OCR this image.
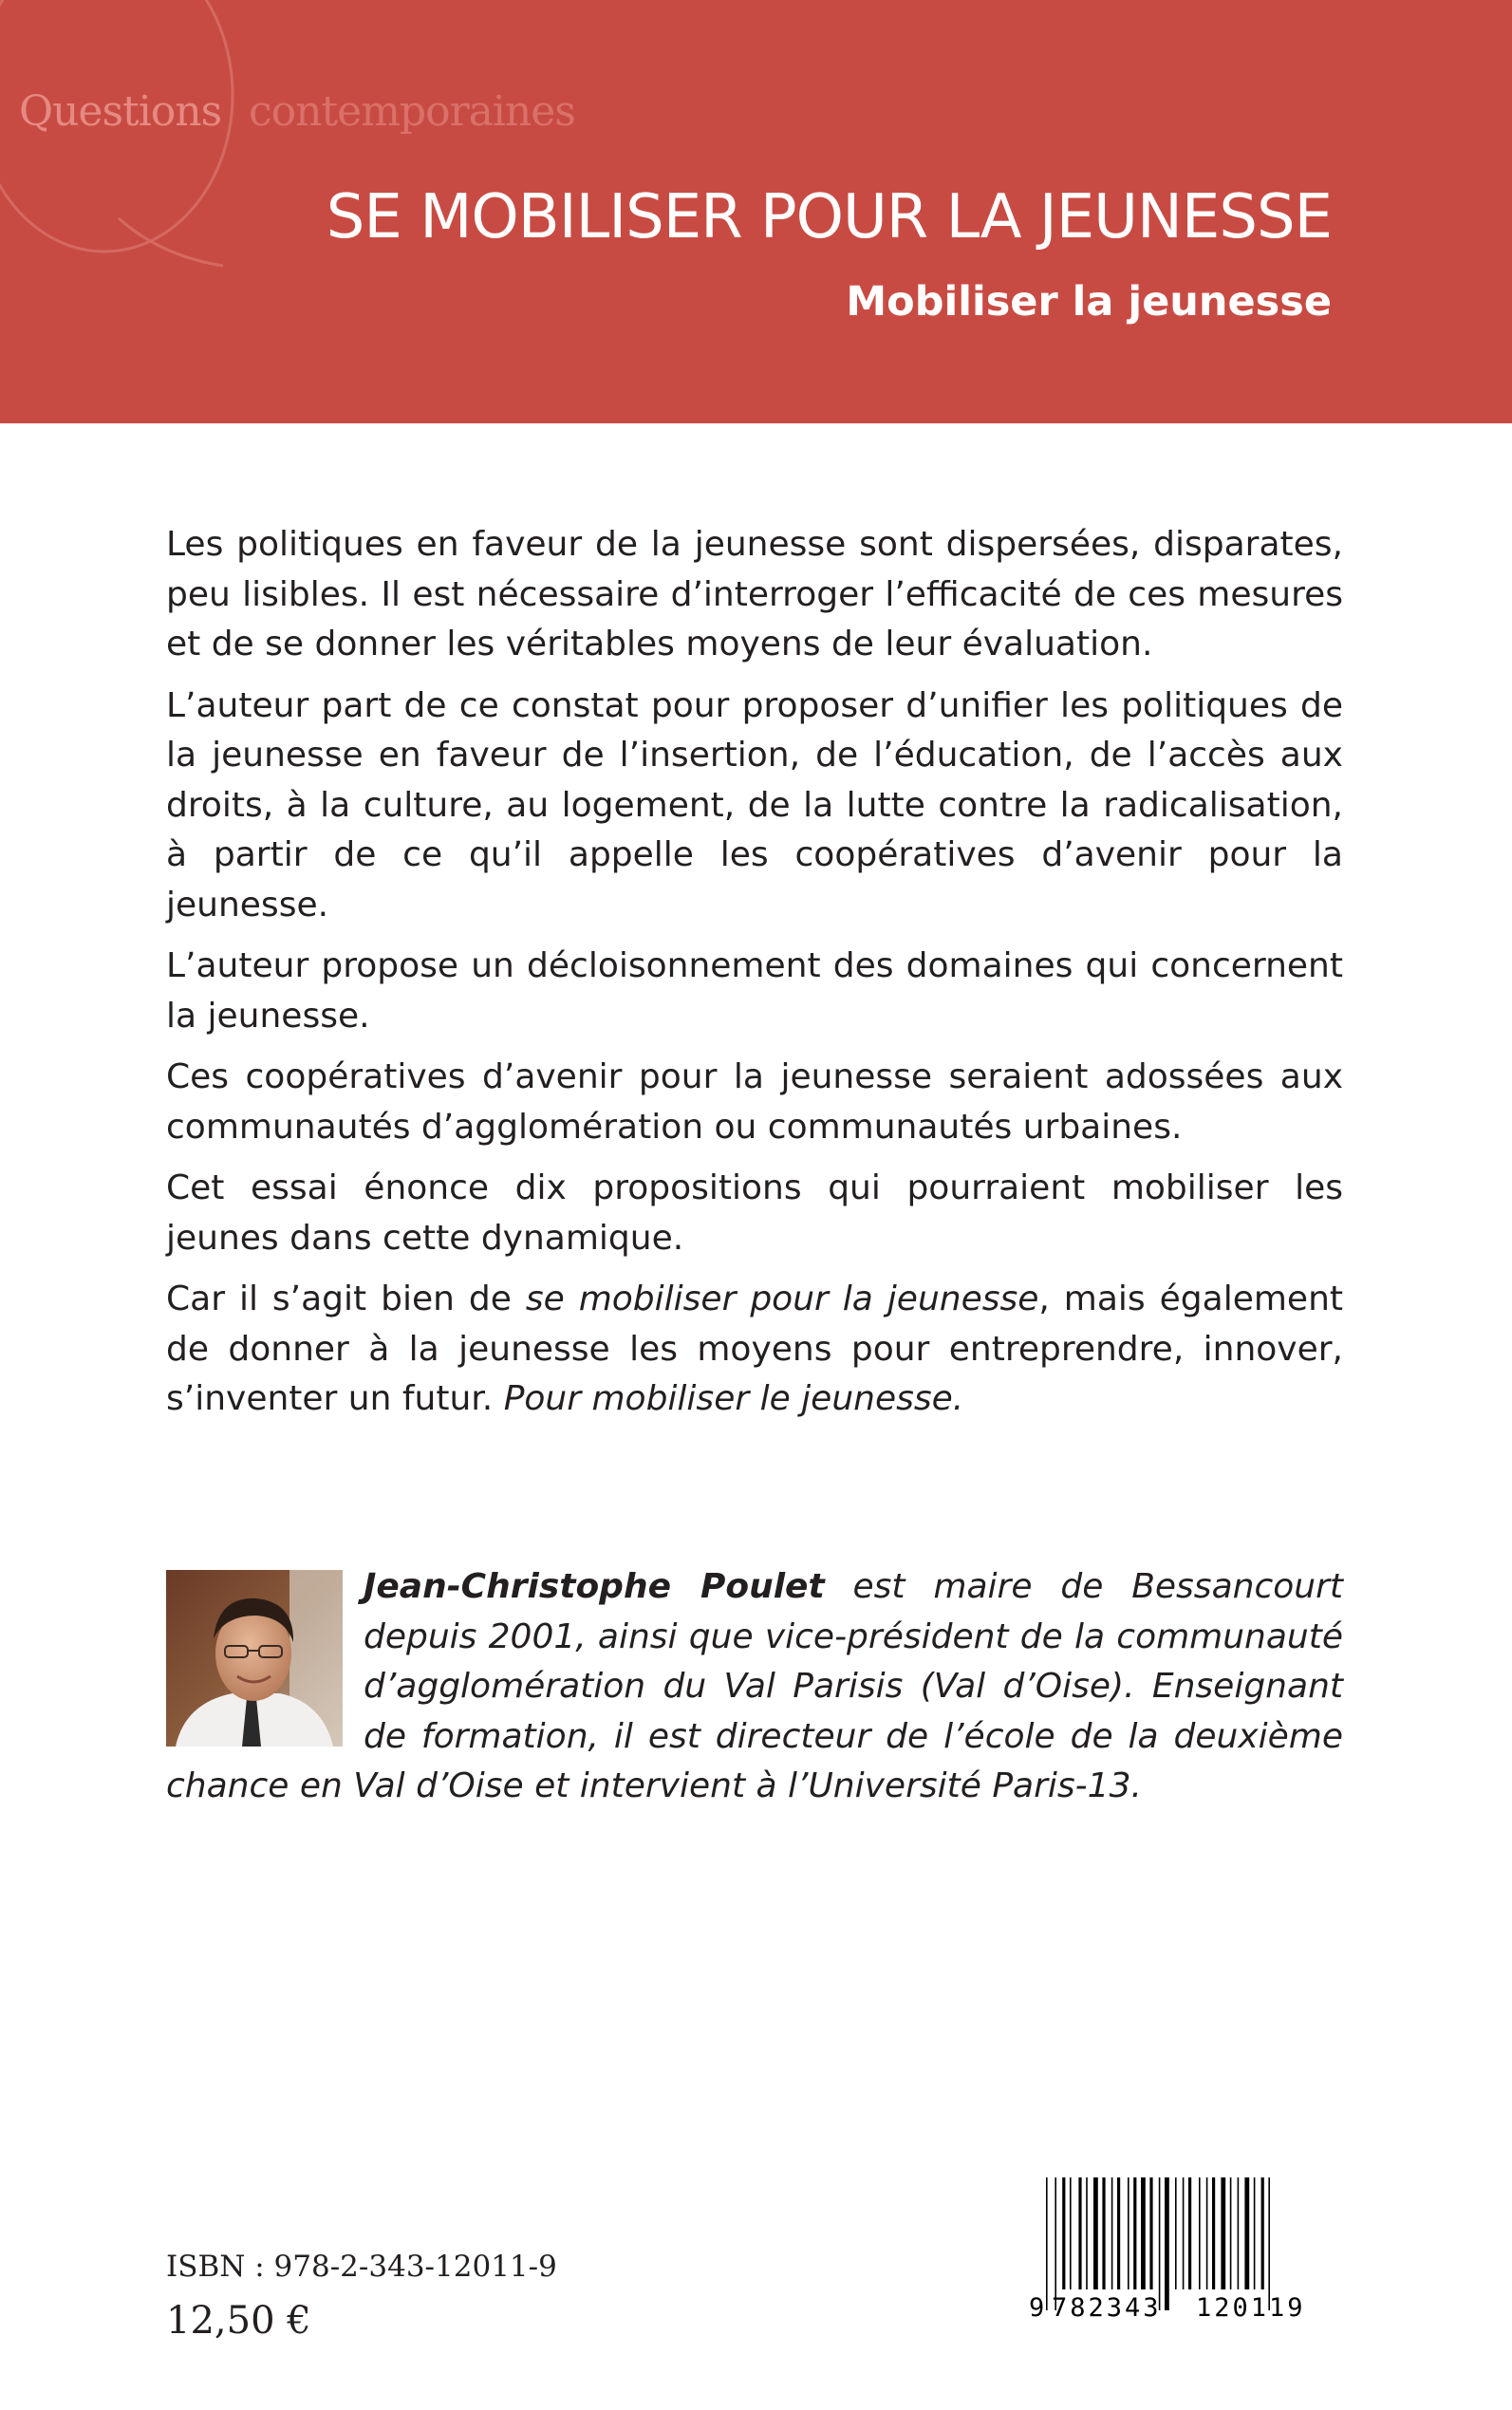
Questions contemporaines
SE MOBILISER POUR LA JEUNESSE
Mobiliser la jeunesse

Les politiques en faveur de la jeunesse sont dispersées, disparates, peu lisibles. Il est nécessaire d’interroger l’efficacité de ces mesures et de se donner les véritables moyens de leur évaluation.

L’auteur part de ce constat pour proposer d’unifier les politiques de la jeunesse en faveur de l’insertion, de l’éducation, de l’accès aux droits, à la culture, au logement, de la lutte contre la radicalisation, à partir de ce qu’il appelle les coopératives d’avenir pour la jeunesse.

L’auteur propose un décloisonnement des domaines qui concernent la jeunesse.

Ces coopératives d’avenir pour la jeunesse seraient adossées aux communautés d’agglomération ou communautés urbaines.

Cet essai énonce dix propositions qui pourraient mobiliser les jeunes dans cette dynamique.

Car il s’agit bien de se mobiliser pour la jeunesse, mais également de donner à la jeunesse les moyens pour entreprendre, innover, s’inventer un futur. Pour mobiliser le jeunesse.

Jean-Christophe Poulet est maire de Bessancourt depuis 2001, ainsi que vice-président de la communauté d’agglomération du Val Parisis (Val d’Oise). Enseignant de formation, il est directeur de l’école de la deuxième chance en Val d’Oise et intervient à l’Université Paris-13.
ISBN : 978-2-343-12011-9
12,50 €	9 782343 120119
